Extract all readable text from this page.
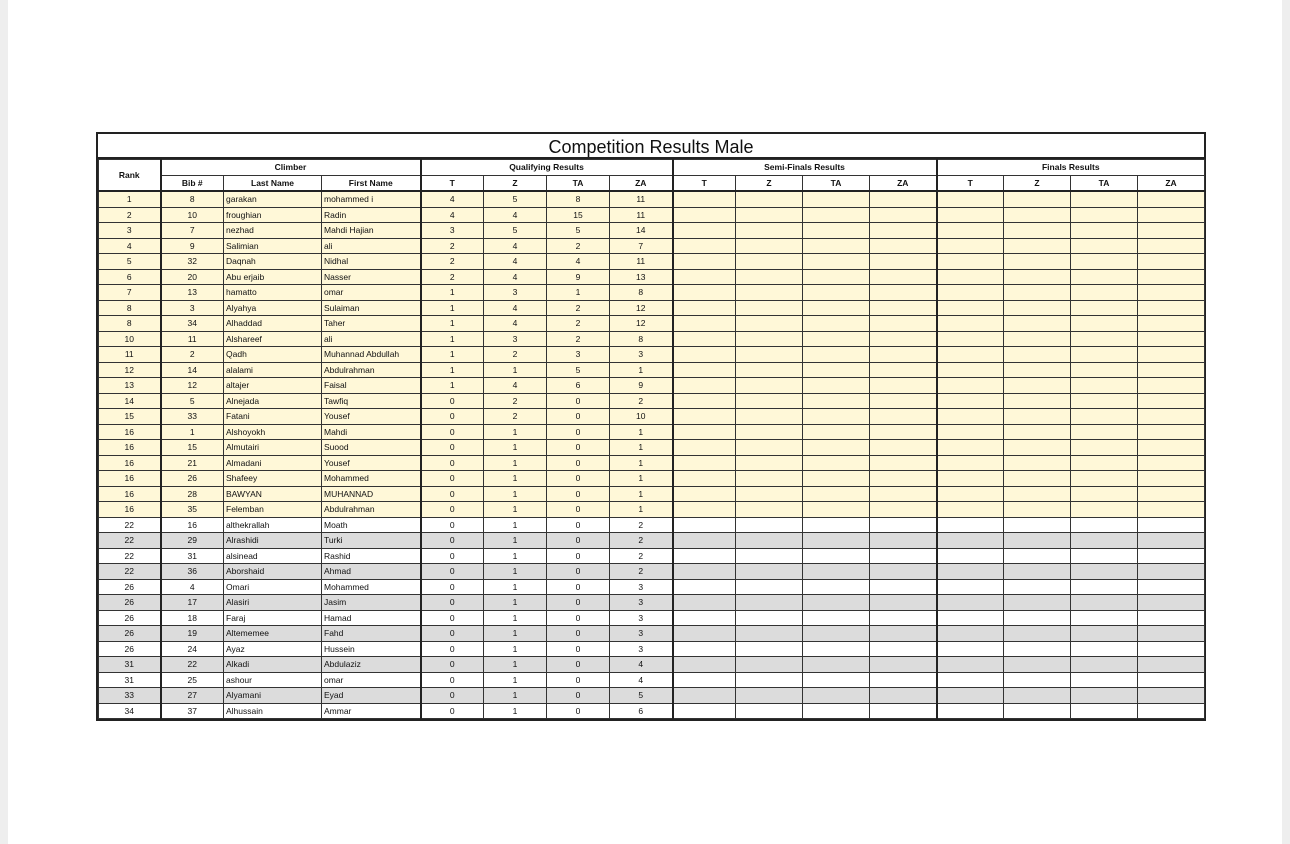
Competition Results Male
Rank	Climber			Qualifying Results				Semi-Finals Results				Finals Results			
	Bib #	Last Name	First Name	T	Z	TA	ZA	T	Z	TA	ZA	T	Z	TA	ZA
1	8	garakan	mohammed i	4	5	8	11								
2	10	froughian	Radin	4	4	15	11								
3	7	nezhad	Mahdi Hajian	3	5	5	14								
4	9	Salimian	ali	2	4	2	7								
5	32	Daqnah	Nidhal	2	4	4	11								
6	20	Abu erjaib	Nasser	2	4	9	13								
7	13	hamatto	omar	1	3	1	8								
8	3	Alyahya	Sulaiman	1	4	2	12								
8	34	Alhaddad	Taher	1	4	2	12								
10	11	Alshareef	ali	1	3	2	8								
11	2	Qadh	Muhannad Abdullah	1	2	3	3								
12	14	alalami	Abdulrahman	1	1	5	1								
13	12	altajer	Faisal	1	4	6	9								
14	5	Alnejada	Tawfiq	0	2	0	2								
15	33	Fatani	Yousef	0	2	0	10								
16	1	Alshoyokh	Mahdi	0	1	0	1								
16	15	Almutairi	Suood	0	1	0	1								
16	21	Almadani	Yousef	0	1	0	1								
16	26	Shafeey	Mohammed	0	1	0	1								
16	28	BAWYAN	MUHANNAD	0	1	0	1								
16	35	Felemban	Abdulrahman	0	1	0	1								
22	16	althekrallah	Moath	0	1	0	2								
22	29	Alrashidi	Turki	0	1	0	2								
22	31	alsinead	Rashid	0	1	0	2								
22	36	Aborshaid	Ahmad	0	1	0	2								
26	4	Omari	Mohammed	0	1	0	3								
26	17	Alasiri	Jasim	0	1	0	3								
26	18	Faraj	Hamad	0	1	0	3								
26	19	Altememee	Fahd	0	1	0	3								
26	24	Ayaz	Hussein	0	1	0	3								
31	22	Alkadi	Abdulaziz	0	1	0	4								
31	25	ashour	omar	0	1	0	4								
33	27	Alyamani	Eyad	0	1	0	5								
34	37	Alhussain	Ammar	0	1	0	6								
